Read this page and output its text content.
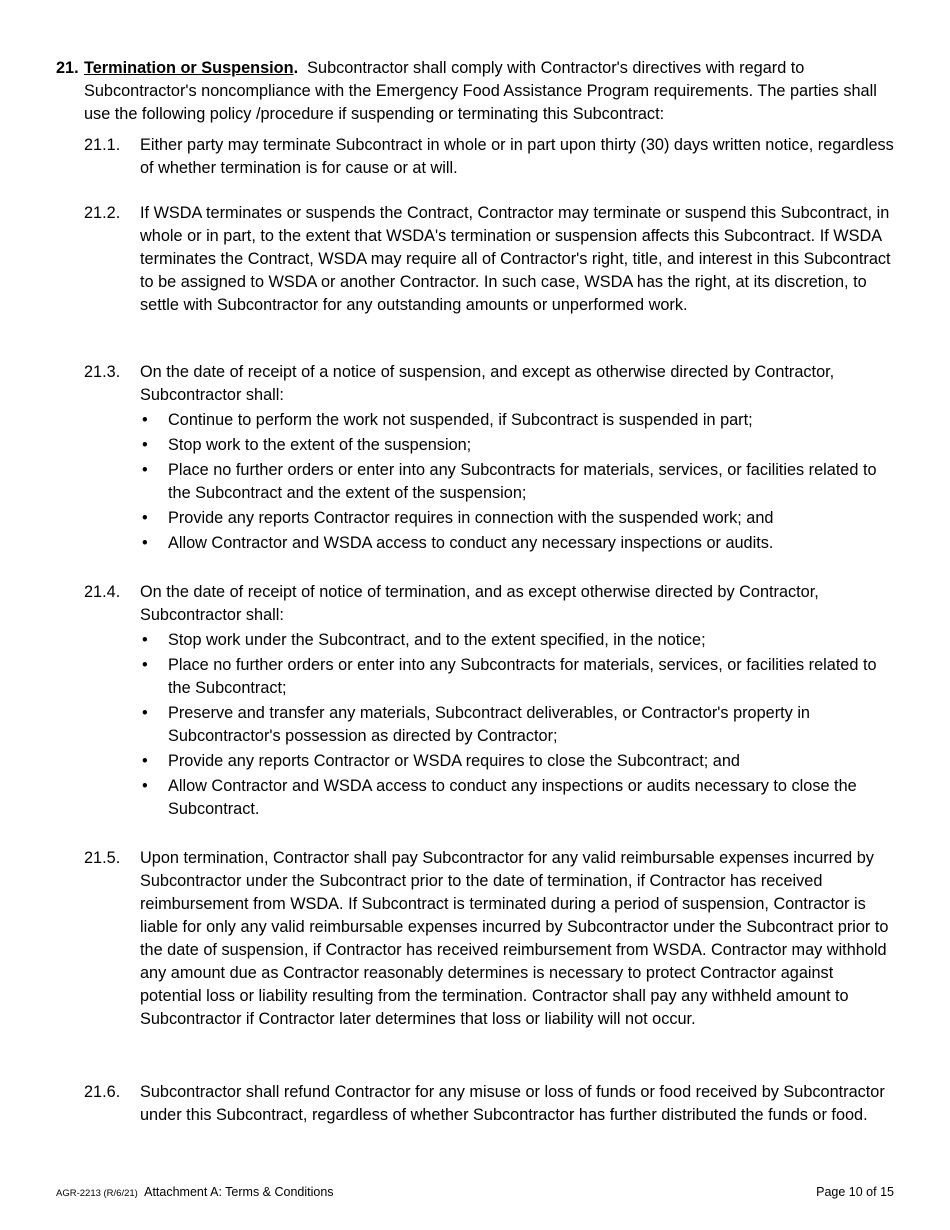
21. Termination or Suspension. Subcontractor shall comply with Contractor's directives with regard to Subcontractor's noncompliance with the Emergency Food Assistance Program requirements. The parties shall use the following policy /procedure if suspending or terminating this Subcontract:
21.1. Either party may terminate Subcontract in whole or in part upon thirty (30) days written notice, regardless of whether termination is for cause or at will.
21.2. If WSDA terminates or suspends the Contract, Contractor may terminate or suspend this Subcontract, in whole or in part, to the extent that WSDA's termination or suspension affects this Subcontract. If WSDA terminates the Contract, WSDA may require all of Contractor's right, title, and interest in this Subcontract to be assigned to WSDA or another Contractor. In such case, WSDA has the right, at its discretion, to settle with Subcontractor for any outstanding amounts or unperformed work.
21.3. On the date of receipt of a notice of suspension, and except as otherwise directed by Contractor, Subcontractor shall:
• Continue to perform the work not suspended, if Subcontract is suspended in part;
• Stop work to the extent of the suspension;
• Place no further orders or enter into any Subcontracts for materials, services, or facilities related to the Subcontract and the extent of the suspension;
• Provide any reports Contractor requires in connection with the suspended work; and
• Allow Contractor and WSDA access to conduct any necessary inspections or audits.
21.4. On the date of receipt of notice of termination, and as except otherwise directed by Contractor, Subcontractor shall:
• Stop work under the Subcontract, and to the extent specified, in the notice;
• Place no further orders or enter into any Subcontracts for materials, services, or facilities related to the Subcontract;
• Preserve and transfer any materials, Subcontract deliverables, or Contractor's property in Subcontractor's possession as directed by Contractor;
• Provide any reports Contractor or WSDA requires to close the Subcontract; and
• Allow Contractor and WSDA access to conduct any inspections or audits necessary to close the Subcontract.
21.5. Upon termination, Contractor shall pay Subcontractor for any valid reimbursable expenses incurred by Subcontractor under the Subcontract prior to the date of termination, if Contractor has received reimbursement from WSDA. If Subcontract is terminated during a period of suspension, Contractor is liable for only any valid reimbursable expenses incurred by Subcontractor under the Subcontract prior to the date of suspension, if Contractor has received reimbursement from WSDA. Contractor may withhold any amount due as Contractor reasonably determines is necessary to protect Contractor against potential loss or liability resulting from the termination. Contractor shall pay any withheld amount to Subcontractor if Contractor later determines that loss or liability will not occur.
21.6. Subcontractor shall refund Contractor for any misuse or loss of funds or food received by Subcontractor under this Subcontract, regardless of whether Subcontractor has further distributed the funds or food.
AGR-2213 (R/6/21) Attachment A: Terms & Conditions	Page 10 of 15
